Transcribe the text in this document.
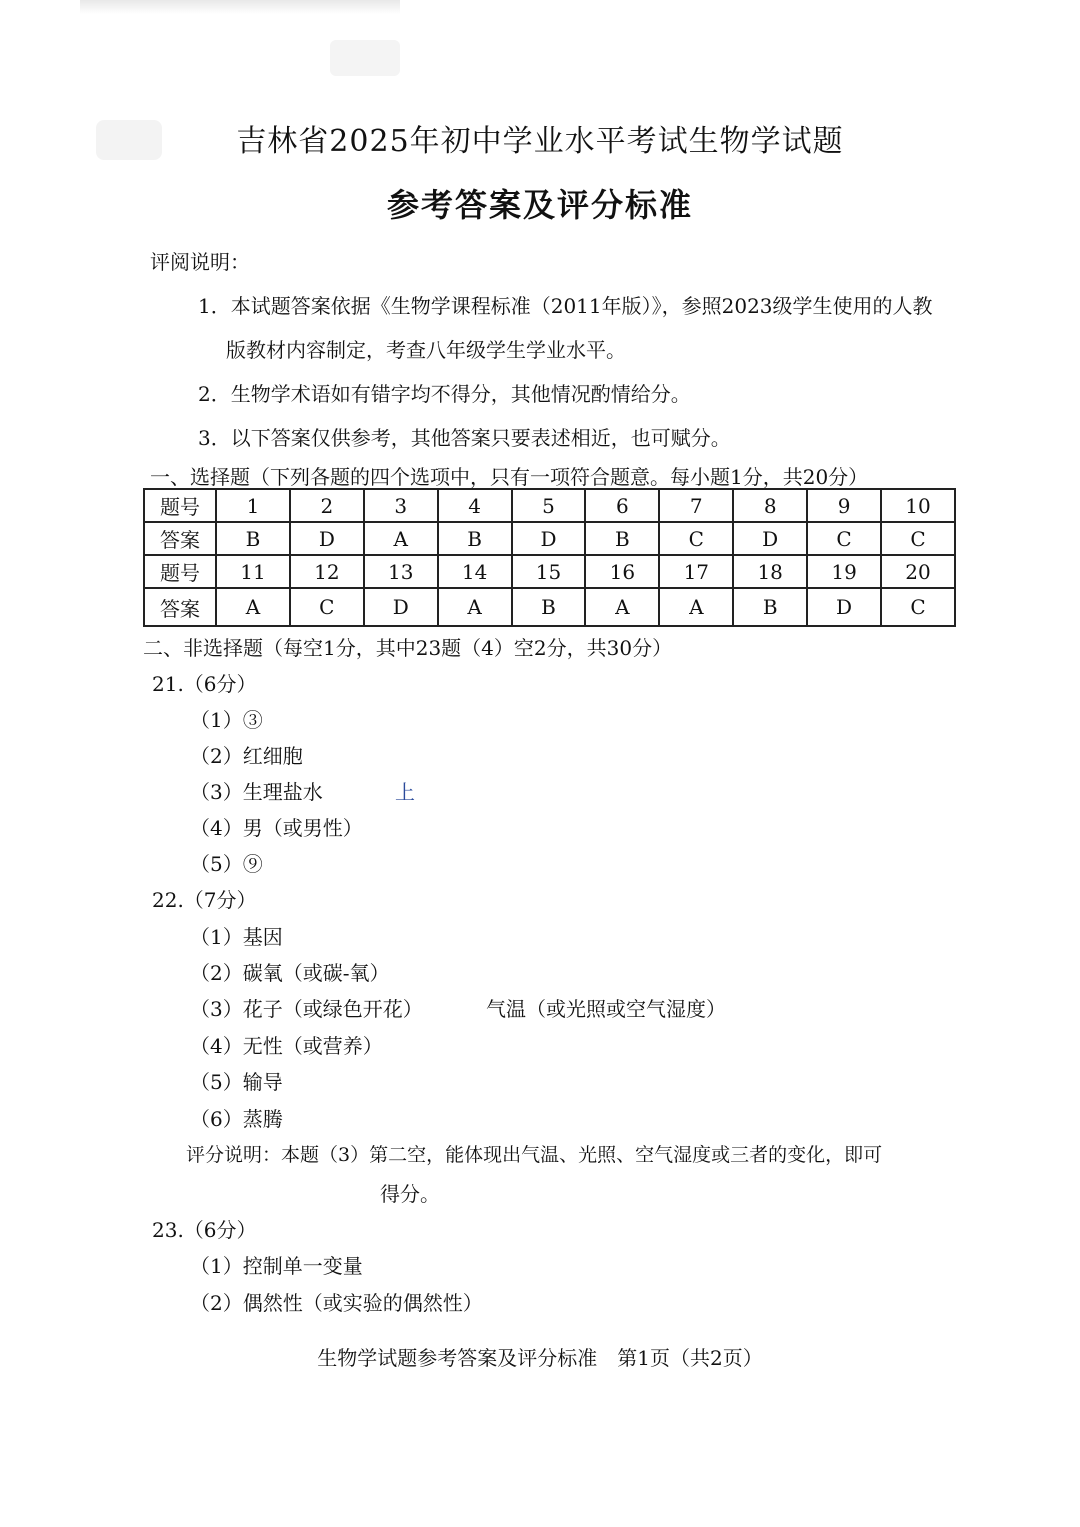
吉林省2025年初中学业水平考试生物学试题
参考答案及评分标准
评阅说明：
1．本试题答案依据《生物学课程标准（2011年版）》，参照2023级学生使用的人教
版教材内容制定，考查八年级学生学业水平。
2．生物学术语如有错字均不得分，其他情况酌情给分。
3．以下答案仅供参考，其他答案只要表述相近，也可赋分。
一、选择题（下列各题的四个选项中，只有一项符合题意。每小题1分，共20分）
题号	1	2	3	4	5	6	7	8	9	10
答案	B	D	A	B	D	B	C	D	C	C
题号	11	12	13	14	15	16	17	18	19	20
答案	A	C	D	A	B	A	A	B	D	C
二、非选择题（每空1分，其中23题（4）空2分，共30分）
21.（6分）
（1）③
（2）红细胞
（3）生理盐水	上
（4）男（或男性）
（5）⑨
22.（7分）
（1）基因
（2）碳氧（或碳-氧）
（3）花子（或绿色开花）	气温（或光照或空气湿度）
（4）无性（或营养）
（5）输导
（6）蒸腾
评分说明：本题（3）第二空，能体现出气温、光照、空气湿度或三者的变化，即可
得分。
23.（6分）
（1）控制单一变量
（2）偶然性（或实验的偶然性）
生物学试题参考答案及评分标准　第1页（共2页）
